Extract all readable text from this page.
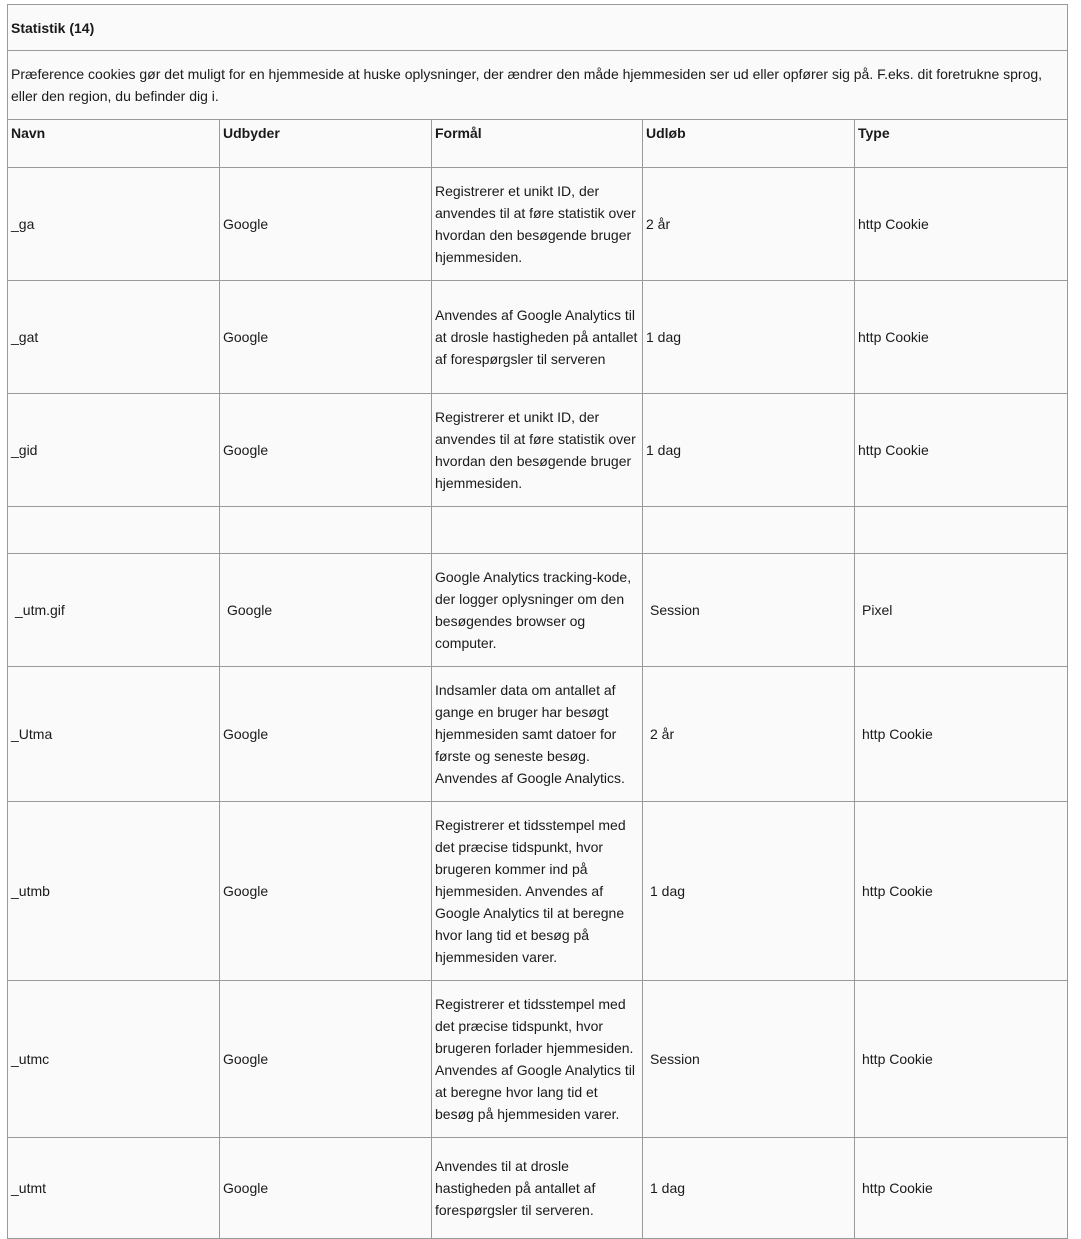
Statistik (14)				
Præference cookies gør det muligt for en hjemmeside at huske oplysninger, der ændrer den måde hjemmesiden ser ud eller opfører sig på. F.eks. dit foretrukne sprog, eller den region, du befinder dig i.				
Navn	Udbyder	Formål	Udløb	Type
_ga	Google	Registrerer et unikt ID, der anvendes til at føre statistik over hvordan den besøgende bruger hjemmesiden.	2 år	http Cookie
_gat	Google	Anvendes af Google Analytics til at drosle hastigheden på antallet af forespørgsler til serveren	1 dag	http Cookie
_gid	Google	Registrerer et unikt ID, der anvendes til at føre statistik over hvordan den besøgende bruger hjemmesiden.	1 dag	http Cookie

_utm.gif	Google	Google Analytics tracking-kode, der logger oplysninger om den besøgendes browser og computer.	Session	Pixel
_Utma	Google	Indsamler data om antallet af gange en bruger har besøgt hjemmesiden samt datoer for første og seneste besøg. Anvendes af Google Analytics.	2 år	http Cookie
_utmb	Google	Registrerer et tidsstempel med det præcise tidspunkt, hvor brugeren kommer ind på hjemmesiden. Anvendes af Google Analytics til at beregne hvor lang tid et besøg på hjemmesiden varer.	1 dag	http Cookie
_utmc	Google	Registrerer et tidsstempel med det præcise tidspunkt, hvor brugeren forlader hjemmesiden. Anvendes af Google Analytics til at beregne hvor lang tid et besøg på hjemmesiden varer.	Session	http Cookie
_utmt	Google	Anvendes til at drosle hastigheden på antallet af forespørgsler til serveren.	1 dag	http Cookie
